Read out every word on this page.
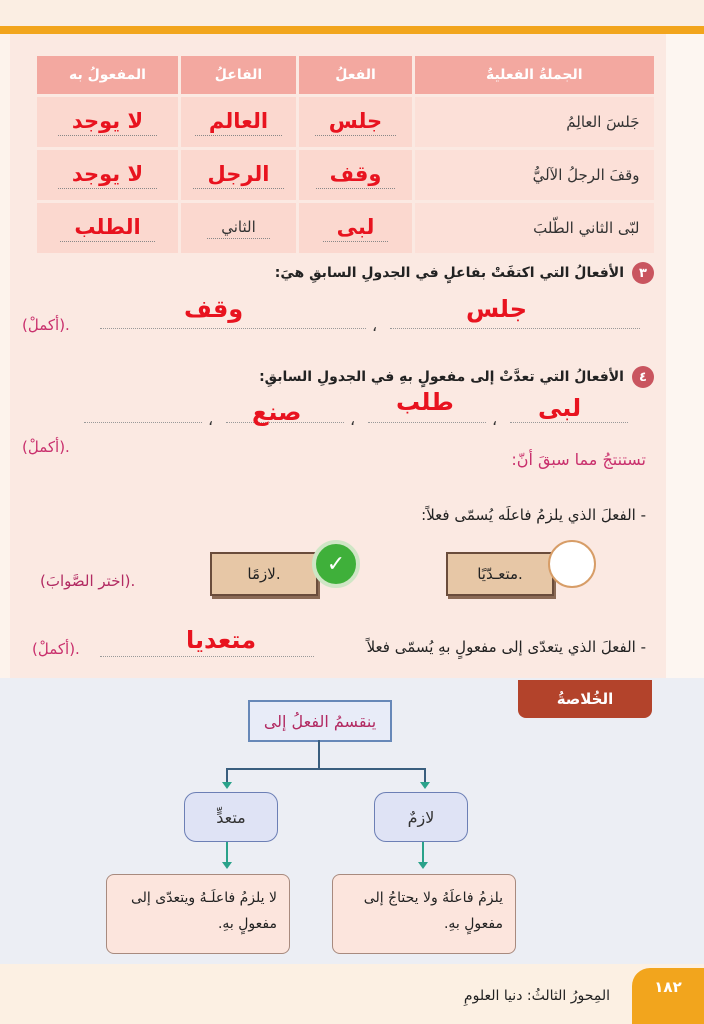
الجملةُ الفعليةُ	الفعلُ	الفاعلُ	المفعولُ به
جَلسَ العالِمُ	جلس	العالم	لا يوجد
وقفَ الرجلُ الآليُّ	وقف	الرجل	لا يوجد
لبّى الثاني الطّلبَ	لبى	الثاني	الطلب
٣
الأفعالُ التي اكتفَتْ بفاعلٍ في الجدولِ السابقِ هيَ:
،
جلس
وقف
(أكملْ).
٤
الأفعالُ التي تعدَّتْ إلى مفعولٍ بهِ في الجدولِ السابقِ:
،
،
،	لبى
طلب
صنع
(أكملْ).
تستنتجُ مما سبقَ أنّ:
- الفعلَ الذي يلزمُ فاعلَه يُسمّى فعلاً:
متعـدّيًا.
لازمًا.	✓
(اختر الصَّوابَ).
- الفعلَ الذي يتعدّى إلى مفعولٍ بهِ يُسمّى فعلاً
متعديا
(أكملْ).
الخُلاصةُ
ينقسمُ الفعلُ إلى
متعدٍّ	لازمٌ
لا يلزمُ فاعلَـهُ ويتعدّى إلى مفعولٍ بهِ.
يلزمُ فاعلَهُ ولا يحتاجُ إلى مفعولٍ بهِ.
المِحورُ الثالثُ: دنيا العلومِ	١٨٢
